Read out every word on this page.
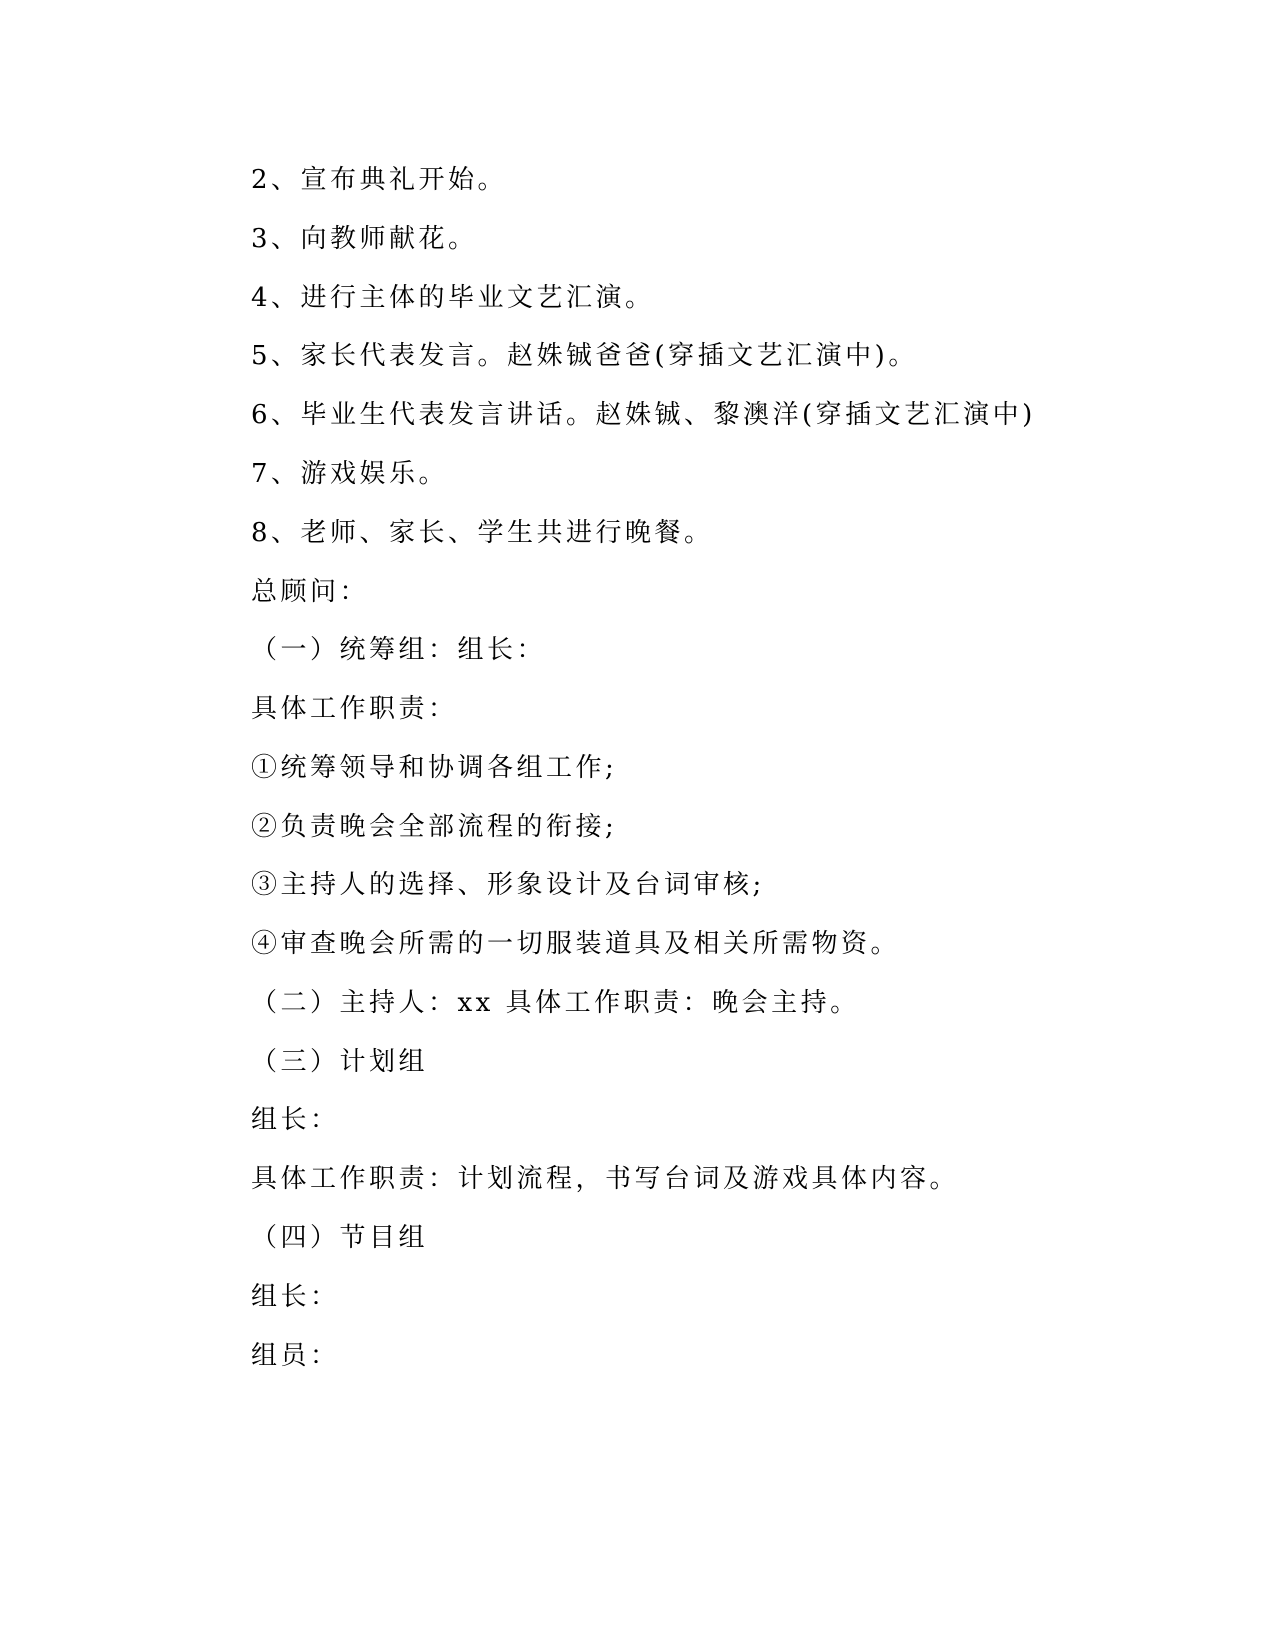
2、宣布典礼开始。
3、向教师献花。
4、进行主体的毕业文艺汇演。
5、家长代表发言。赵姝铖爸爸(穿插文艺汇演中)。
6、毕业生代表发言讲话。赵姝铖、黎澳洋(穿插文艺汇演中)
7、游戏娱乐。
8、老师、家长、学生共进行晚餐。
总顾问：
（一）统筹组：组长：
具体工作职责：
①统筹领导和协调各组工作;
②负责晚会全部流程的衔接;
③主持人的选择、形象设计及台词审核;
④审查晚会所需的一切服装道具及相关所需物资。
（二）主持人：xx 具体工作职责：晚会主持。
（三）计划组
组长：
具体工作职责：计划流程，书写台词及游戏具体内容。
（四）节目组
组长：
组员：
